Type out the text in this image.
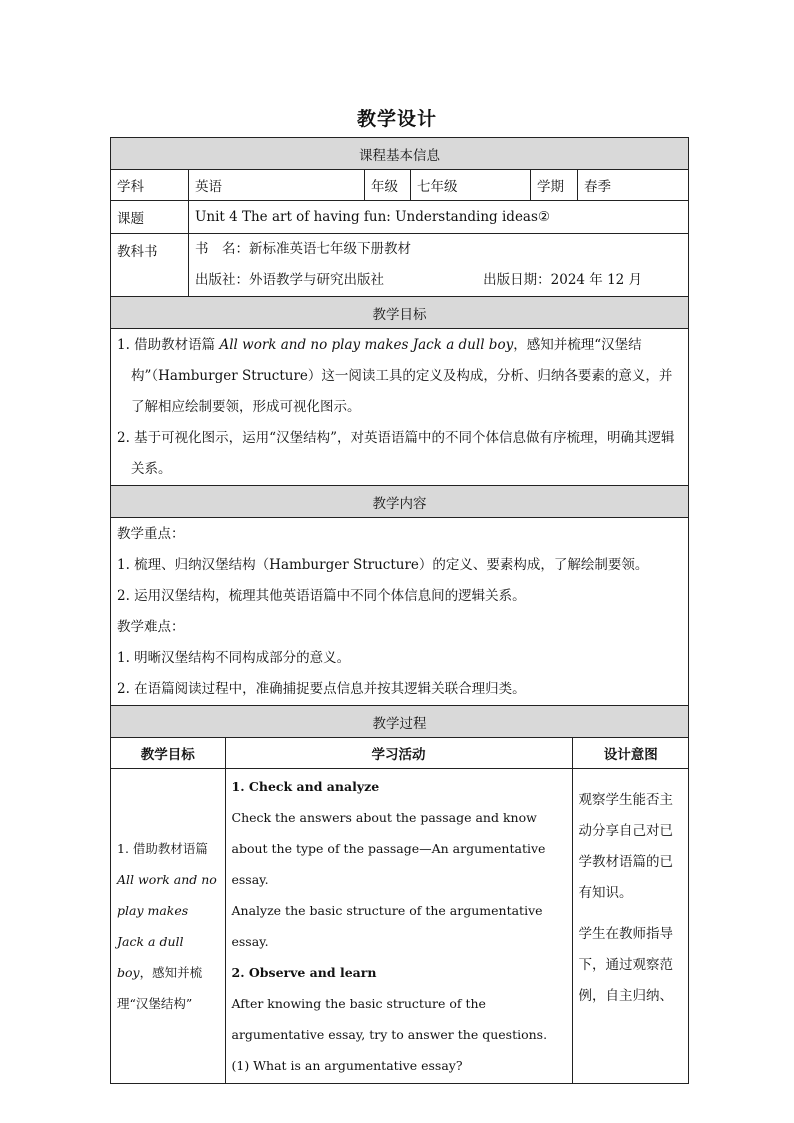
教学设计
课程基本信息
学科	英语	年级	七年级	学期	春季
课题	Unit 4 The art of having fun: Understanding ideas②
教科书	书　名：新标准英语七年级下册教材
出版社：外语教学与研究出版社	出版日期：2024 年 12 月

教学目标

1. 借助教材语篇 All work and no play makes Jack a dull boy，感知并梳理“汉堡结构”（Hamburger Structure）这一阅读工具的定义及构成，分析、归纳各要素的意义，并了解相应绘制要领，形成可视化图示。
2. 基于可视化图示，运用“汉堡结构”，对英语语篇中的不同个体信息做有序梳理，明确其逻辑关系。

教学内容

教学重点：
1. 梳理、归纳汉堡结构（Hamburger Structure）的定义、要素构成，了解绘制要领。
2. 运用汉堡结构，梳理其他英语语篇中不同个体信息间的逻辑关系。
教学难点：
1. 明晰汉堡结构不同构成部分的意义。
2. 在语篇阅读过程中，准确捕捉要点信息并按其逻辑关联合理归类。

教学过程

教学目标	学习活动	设计意图

1. 借助教材语篇 All work and no play makes Jack a dull boy，感知并梳理“汉堡结构”

1. Check and analyze
Check the answers about the passage and know about the type of the passage—An argumentative essay.
Analyze the basic structure of the argumentative essay.
2. Observe and learn
After knowing the basic structure of the argumentative essay, try to answer the questions.
(1) What is an argumentative essay?

观察学生能否主动分享自己对已学教材语篇的已有知识。
学生在教师指导下，通过观察范例，自主归纳、
